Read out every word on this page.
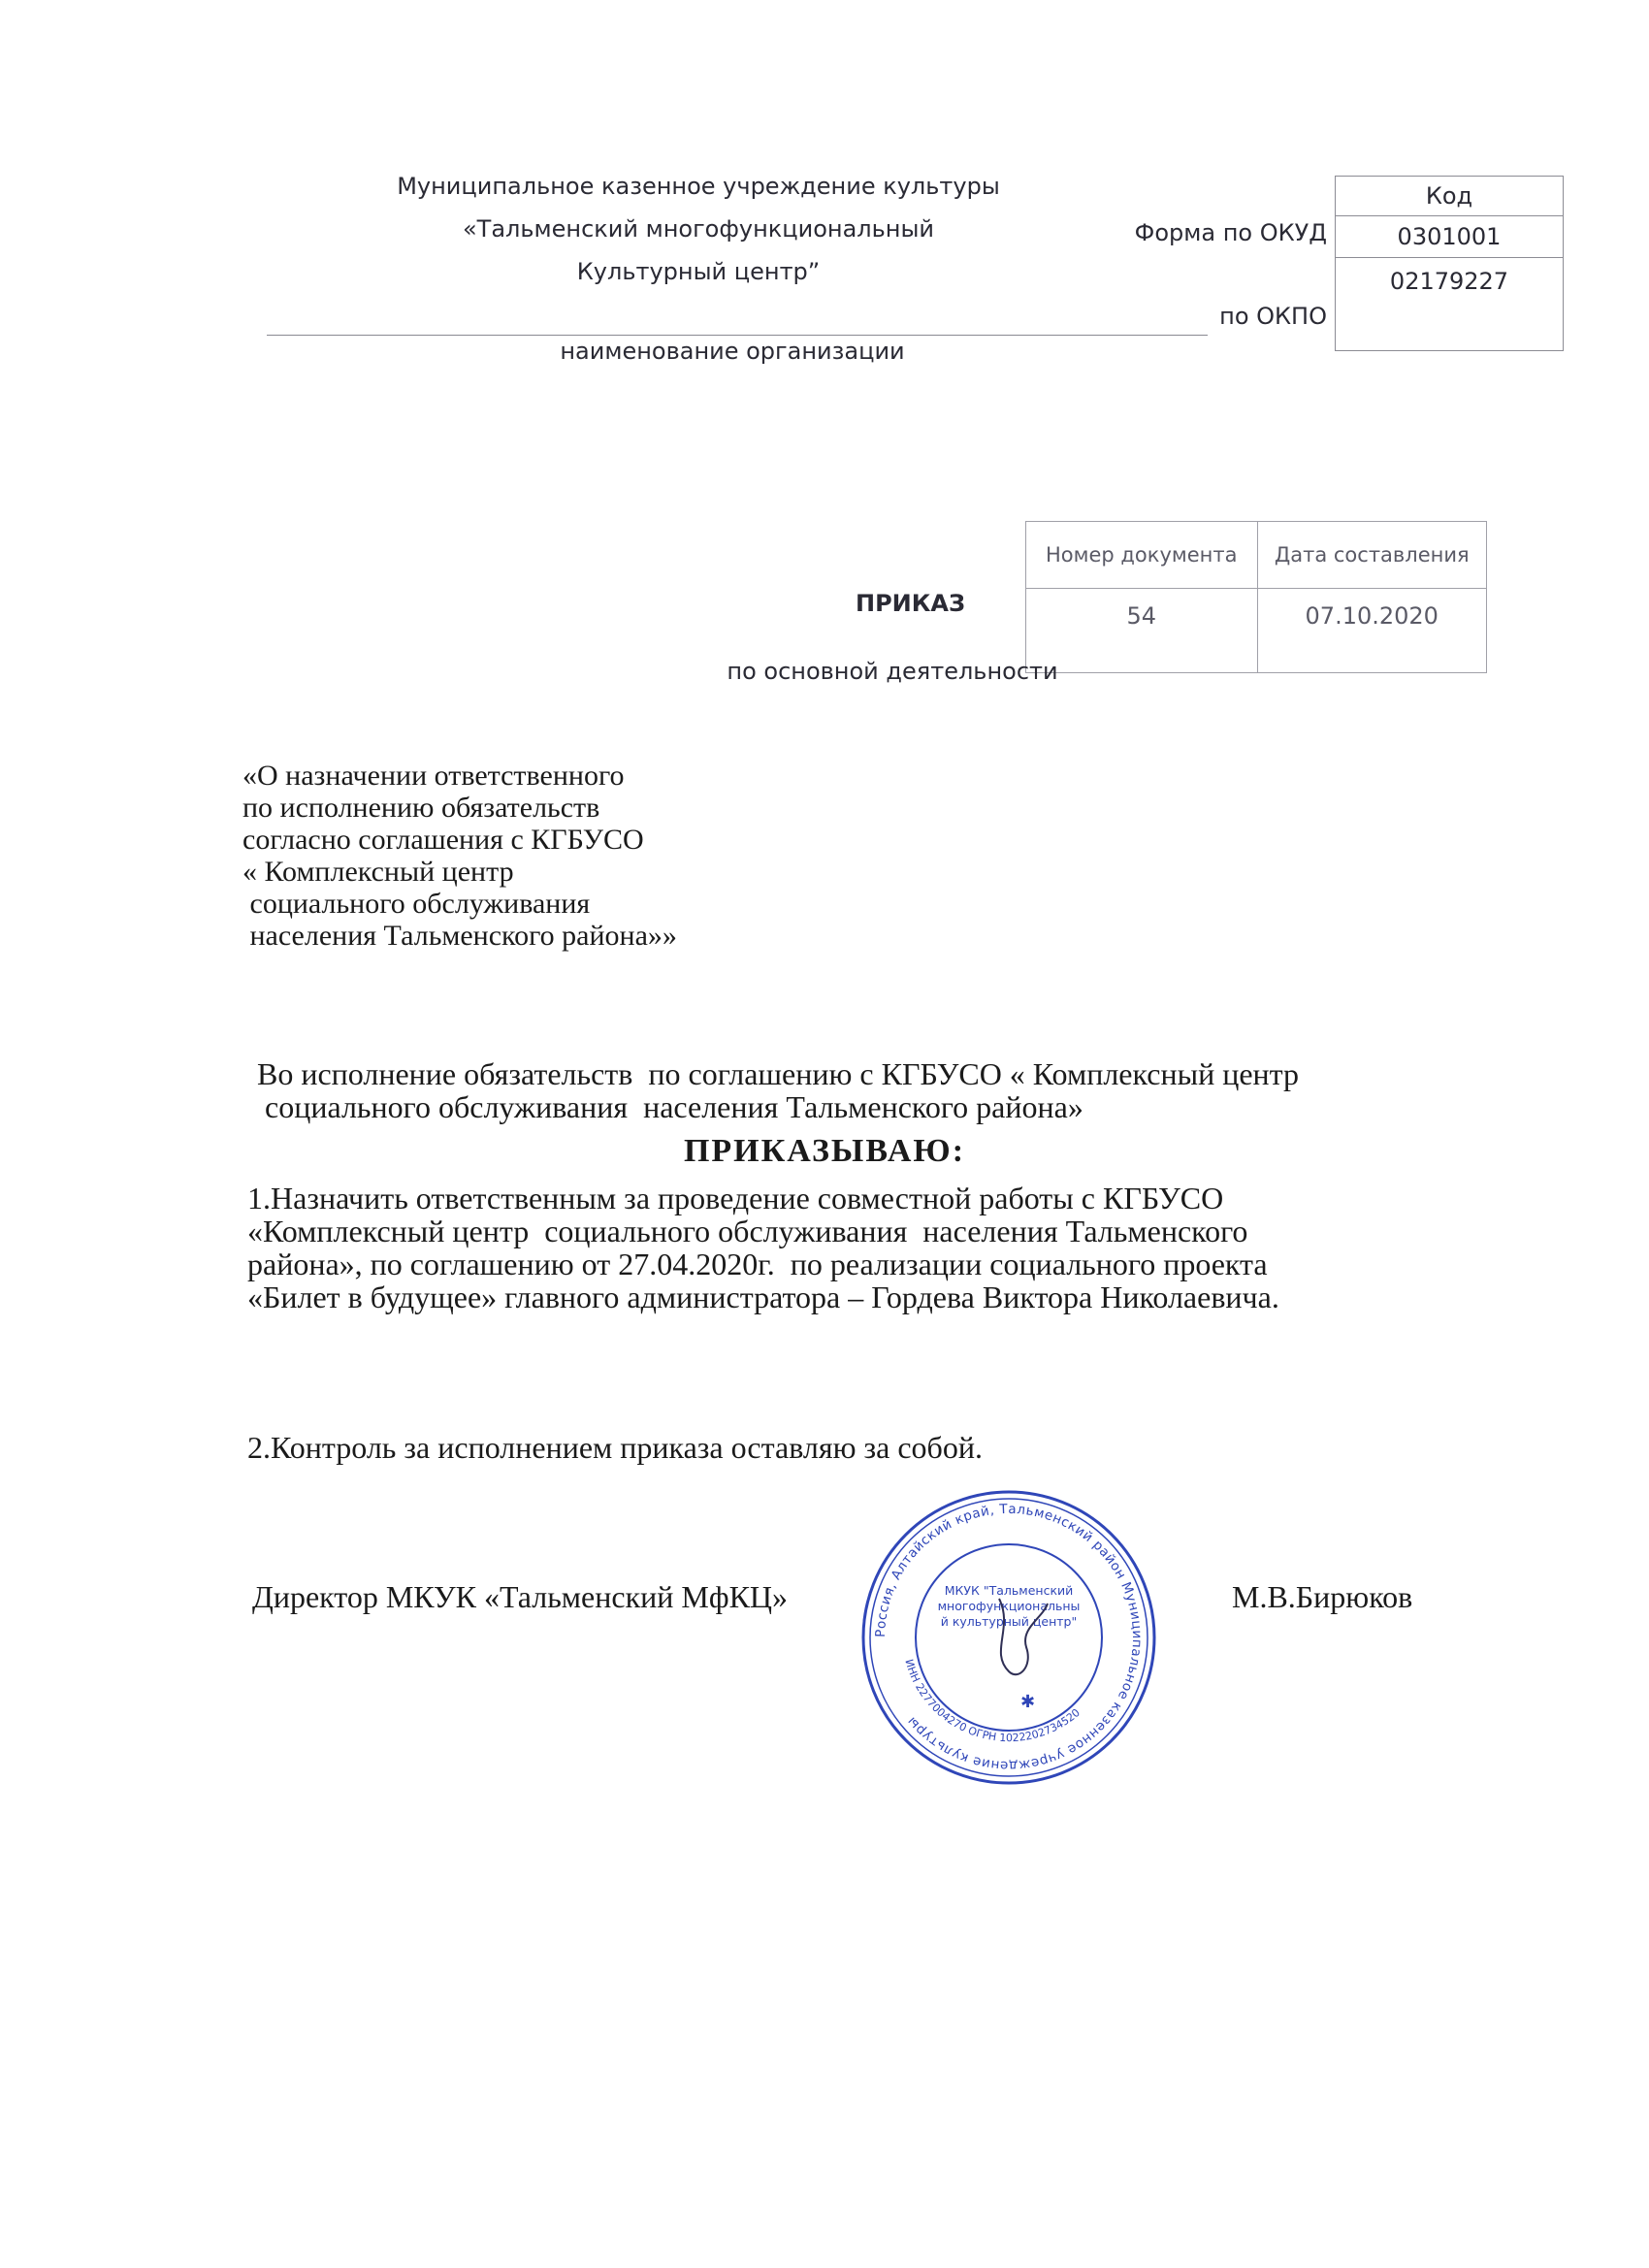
Муниципальное казенное учреждение культуры
«Тальменский многофункциональный
Культурный центр”
наименование организации
Форма по ОКУД
по ОКПО
Код
0301001
02179227
Номер документа	Дата составления
54	07.10.2020
ПРИКАЗ
по основной деятельности
«О назначении ответственного
по исполнению обязательств
согласно соглашения с КГБУСО
« Комплексный центр
социального обслуживания
населения Тальменского района»»
Во исполнение обязательств  по соглашению с КГБУСО « Комплексный центр
социального обслуживания  населения Тальменского района»
ПРИКАЗЫВАЮ:
1.Назначить ответственным за проведение совместной работы с КГБУСО
«Комплексный центр  социального обслуживания  населения Тальменского
района», по соглашению от 27.04.2020г.  по реализации социального проекта
«Билет в будущее» главного администратора – Гордева Виктора Николаевича.
2.Контроль за исполнением приказа оставляю за собой.
Директор МКУК «Тальменский МфКЦ»	М.В.Бирюков
Россия, Алтайский край, Тальменский район Муниципальное казенное учреждение культуры
ИНН 2277004270 ОГРН 1022202734520
МКУК "Тальменский многофункциональный культурный центр"
✱
